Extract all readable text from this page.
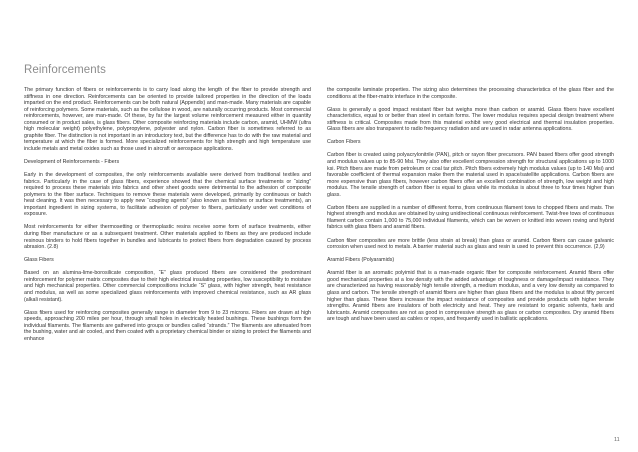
Reinforcements

The primary function of fibers or reinforcements is to carry load along the length of the fiber to provide strength and stiffness in one direction. Reinforcements can be oriented to provide tailored properties in the direction of the loads imparted on the end product. Reinforcements can be both natural (Appendix) and man-made. Many materials are capable of reinforcing polymers. Some materials, such as the cellulose in wood, are naturally occurring products. Most commercial reinforcements, however, are man-made. Of these, by far the largest volume reinforcement measured either in quantity consumed or in product sales, is glass fibers. Other composite reinforcing materials include carbon, aramid, UHMW (ultra high molecular weight) polyethylene, polypropylene, polyester and nylon. Carbon fiber is sometimes referred to as graphite fiber. The distinction is not important in an introductory text, but the difference has to do with the raw material and temperature at which the fiber is formed. More specialized reinforcements for high strength and high temperature use include metals and metal oxides such as those used in aircraft or aerospace applications.

Development of Reinforcements - Fibers

Early in the development of composites, the only reinforcements available were derived from traditional textiles and fabrics. Particularly in the case of glass fibers, experience showed that the chemical surface treatments or “sizing” required to process these materials into fabrics and other sheet goods were detrimental to the adhesion of composite polymers to the fiber surface. Techniques to remove these materials were developed, primarily by continuous or batch heat cleaning. It was then necessary to apply new “coupling agents” (also known as finishes or surface treatments), an important ingredient in sizing systems, to facilitate adhesion of polymer to fibers, particularly under wet conditions of exposure.

Most reinforcements for either thermosetting or thermoplastic resins receive some form of surface treatments, either during fiber manufacture or as a subsequent treatment. Other materials applied to fibers as they are produced include resinous binders to hold fibers together in bundles and lubricants to protect fibers from degradation caused by process abrasion. (2.8)

Glass Fibers

Based on an alumina-lime-borosilicate composition, “E” glass produced fibers are considered the predominant reinforcement for polymer matrix composites due to their high electrical insulating properties, low susceptibility to moisture and high mechanical properties. Other commercial compositions include “S” glass, with higher strength, heat resistance and modulus, as well as some specialized glass reinforcements with improved chemical resistance, such as AR glass (alkali resistant).

Glass fibers used for reinforcing composites generally range in diameter from 9 to 23 microns. Fibers are drawn at high speeds, approaching 200 miles per hour, through small holes in electrically heated bushings. These bushings form the individual filaments. The filaments are gathered into groups or bundles called “strands.” The filaments are attenuated from the bushing, water and air cooled, and then coated with a proprietary chemical binder or sizing to protect the filaments and enhance

the composite laminate properties. The sizing also determines the processing characteristics of the glass fiber and the conditions at the fiber-matrix interface in the composite.

Glass is generally a good impact resistant fiber but weighs more than carbon or aramid. Glass fibers have excellent characteristics, equal to or better than steel in certain forms. The lower modulus requires special design treatment where stiffness is critical. Composites made from this material exhibit very good electrical and thermal insulation properties. Glass fibers are also transparent to radio frequency radiation and are used in radar antenna applications.

Carbon Fibers

Carbon fiber is created using polyacrylonitrile (PAN), pitch or rayon fiber precursors. PAN based fibers offer good strength and modulus values up to 85-90 Msi. They also offer excellent compression strength for structural applications up to 1000 ksi. Pitch fibers are made from petroleum or coal tar pitch. Pitch fibers extremely high modulus values (up to 140 Msi) and favorable coefficient of thermal expansion make them the material used in space/satellite applications. Carbon fibers are more expensive than glass fibers, however carbon fibers offer an excellent combination of strength, low weight and high modulus. The tensile strength of carbon fiber is equal to glass while its modulus is about three to four times higher than glass.

Carbon fibers are supplied in a number of different forms, from continuous filament tows to chopped fibers and mats. The highest strength and modulus are obtained by using unidirectional continuous reinforcement. Twist-free tows of continuous filament carbon contain 1,000 to 75,000 individual filaments, which can be woven or knitted into woven roving and hybrid fabrics with glass fibers and aramid fibers.

Carbon fiber composites are more brittle (less strain at break) than glass or aramid. Carbon fibers can cause galvanic corrosion when used next to metals. A barrier material such as glass and resin is used to prevent this occurrence. (2,9)

Aramid Fibers (Polyaramids)

Aramid fiber is an aromatic polyimid that is a man-made organic fiber for composite reinforcement. Aramid fibers offer good mechanical properties at a low density with the added advantage of toughness or damage/impact resistance. They are characterized as having reasonably high tensile strength, a medium modulus, and a very low density as compared to glass and carbon. The tensile strength of aramid fibers are higher than glass fibers and the modulus is about fifty percent higher than glass. These fibers increase the impact resistance of composites and provide products with higher tensile strengths. Aramid fibers are insulators of both electricity and heat. They are resistant to organic solvents, fuels and lubricants. Aramid composites are not as good in compressive strength as glass or carbon composites. Dry aramid fibers are tough and have been used as cables or ropes, and frequently used in ballistic applications.

11
